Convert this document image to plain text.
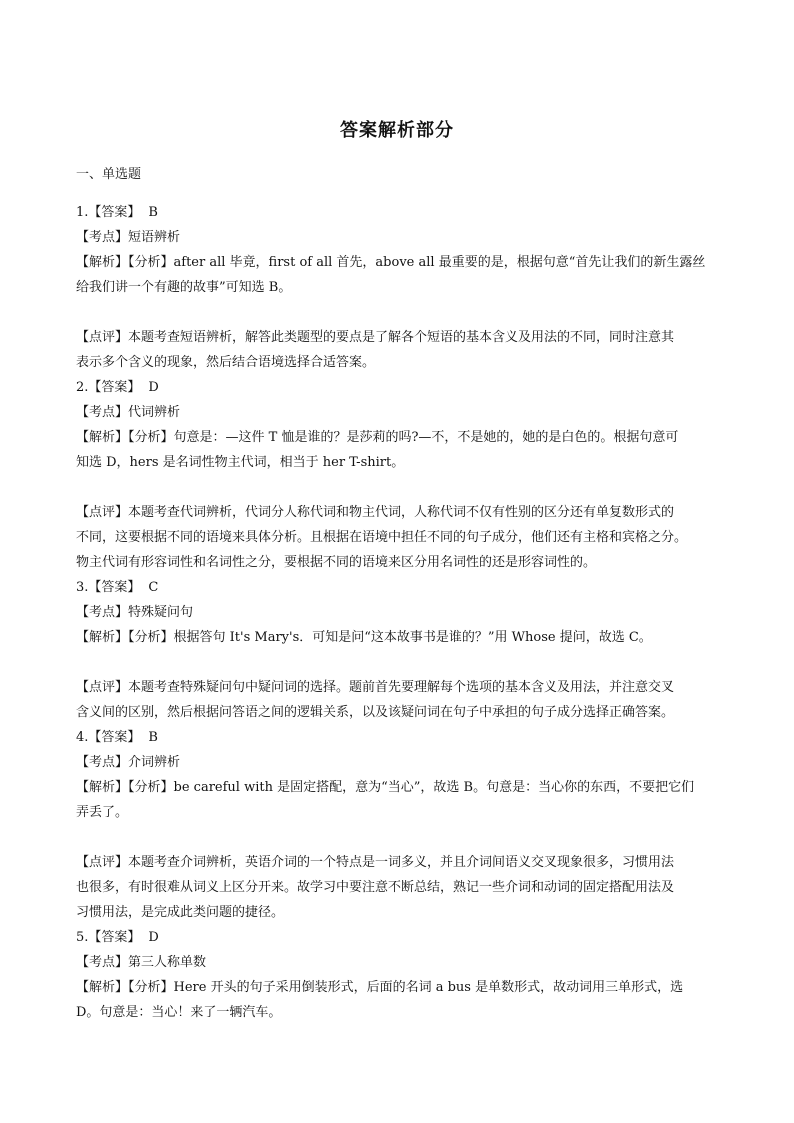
答案解析部分

一、单选题

1.【答案】 B

【考点】短语辨析

【解析】【分析】after all 毕竟，first of all 首先，above all 最重要的是，根据句意“首先让我们的新生露丝

给我们讲一个有趣的故事”可知选 B。

【点评】本题考查短语辨析，解答此类题型的要点是了解各个短语的基本含义及用法的不同，同时注意其

表示多个含义的现象，然后结合语境选择合适答案。

2.【答案】 D

【考点】代词辨析

【解析】【分析】句意是：—这件 T 恤是谁的？是莎莉的吗?—不，不是她的，她的是白色的。根据句意可

知选 D，hers 是名词性物主代词，相当于 her T-shirt。

【点评】本题考查代词辨析，代词分人称代词和物主代词，人称代词不仅有性别的区分还有单复数形式的

不同，这要根据不同的语境来具体分析。且根据在语境中担任不同的句子成分，他们还有主格和宾格之分。

物主代词有形容词性和名词性之分，要根据不同的语境来区分用名词性的还是形容词性的。

3.【答案】 C

【考点】特殊疑问句

【解析】【分析】根据答句 It's Mary's．可知是问“这本故事书是谁的？”用 Whose 提问，故选 C。

【点评】本题考查特殊疑问句中疑问词的选择。题前首先要理解每个选项的基本含义及用法，并注意交叉

含义间的区别，然后根据问答语之间的逻辑关系，以及该疑问词在句子中承担的句子成分选择正确答案。

4.【答案】 B

【考点】介词辨析

【解析】【分析】be careful with 是固定搭配，意为“当心”，故选 B。句意是：当心你的东西，不要把它们

弄丢了。

【点评】本题考查介词辨析，英语介词的一个特点是一词多义，并且介词间语义交叉现象很多，习惯用法

也很多，有时很难从词义上区分开来。故学习中要注意不断总结，熟记一些介词和动词的固定搭配用法及

习惯用法，是完成此类问题的捷径。

5.【答案】 D

【考点】第三人称单数

【解析】【分析】Here 开头的句子采用倒装形式，后面的名词 a bus 是单数形式，故动词用三单形式，选

D。句意是：当心！来了一辆汽车。
